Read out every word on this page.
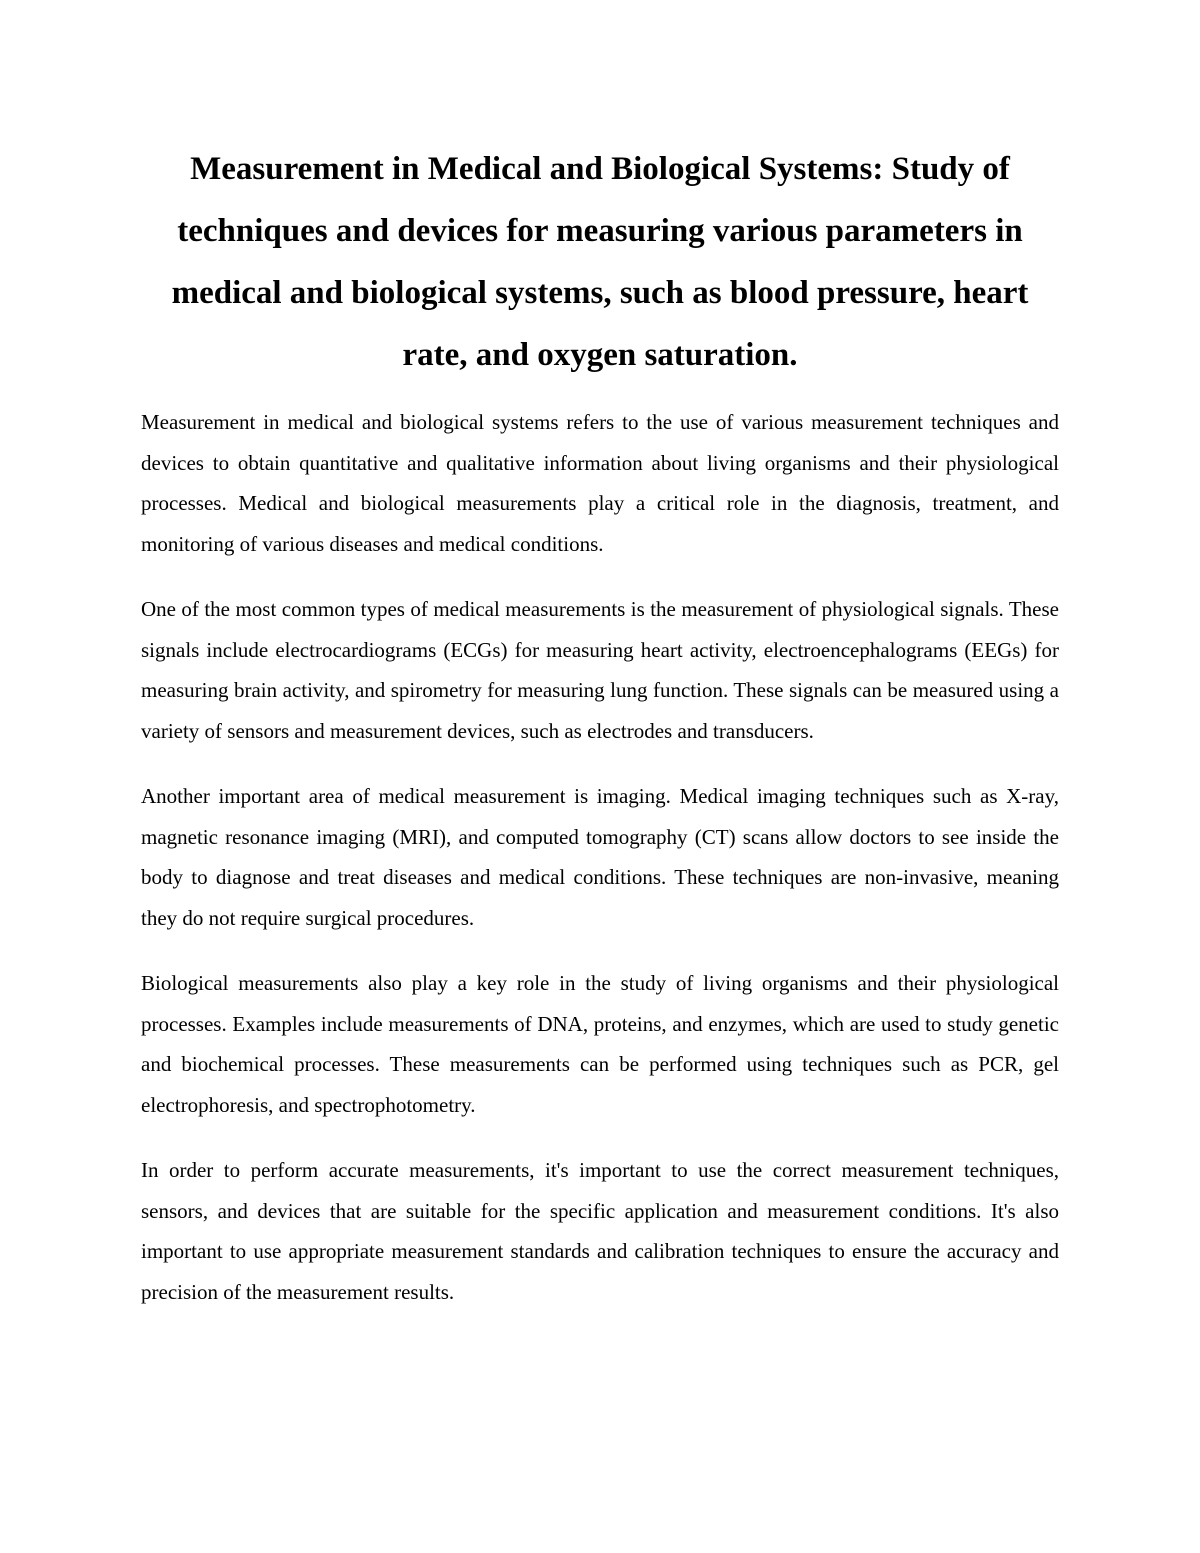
Measurement in Medical and Biological Systems: Study of techniques and devices for measuring various parameters in medical and biological systems, such as blood pressure, heart rate, and oxygen saturation.

Measurement in medical and biological systems refers to the use of various measurement techniques and devices to obtain quantitative and qualitative information about living organisms and their physiological processes. Medical and biological measurements play a critical role in the diagnosis, treatment, and monitoring of various diseases and medical conditions.

One of the most common types of medical measurements is the measurement of physiological signals. These signals include electrocardiograms (ECGs) for measuring heart activity, electroencephalograms (EEGs) for measuring brain activity, and spirometry for measuring lung function. These signals can be measured using a variety of sensors and measurement devices, such as electrodes and transducers.

Another important area of medical measurement is imaging. Medical imaging techniques such as X-ray, magnetic resonance imaging (MRI), and computed tomography (CT) scans allow doctors to see inside the body to diagnose and treat diseases and medical conditions. These techniques are non-invasive, meaning they do not require surgical procedures.

Biological measurements also play a key role in the study of living organisms and their physiological processes. Examples include measurements of DNA, proteins, and enzymes, which are used to study genetic and biochemical processes. These measurements can be performed using techniques such as PCR, gel electrophoresis, and spectrophotometry.

In order to perform accurate measurements, it's important to use the correct measurement techniques, sensors, and devices that are suitable for the specific application and measurement conditions. It's also important to use appropriate measurement standards and calibration techniques to ensure the accuracy and precision of the measurement results.
